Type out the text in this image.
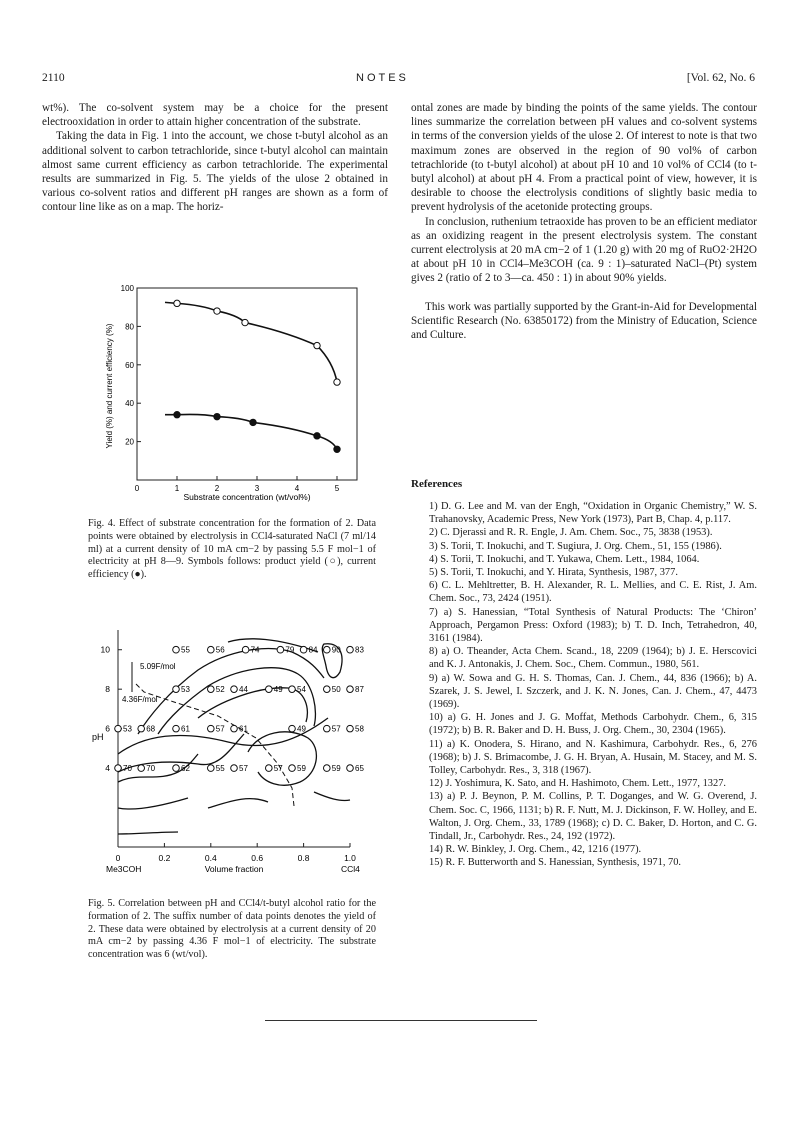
2110	NOTES	[Vol. 62, No. 6

wt%). The co-solvent system may be a choice for the present electrooxidation in order to attain higher concentration of the substrate.

Taking the data in Fig. 1 into the account, we chose t-butyl alcohol as an additional solvent to carbon tetrachloride, since t-butyl alcohol can maintain almost same current efficiency as carbon tetrachloride. The experimental results are summarized in Fig. 5. The yields of the ulose 2 obtained in various co-solvent ratios and different pH ranges are shown as a form of contour line like as on a map. The horiz-

ontal zones are made by binding the points of the same yields. The contour lines summarize the correlation between pH values and co-solvent systems in terms of the conversion yields of the ulose 2. Of interest to note is that two maximum zones are observed in the region of 90 vol% of carbon tetrachloride (to t-butyl alcohol) at about pH 10 and 10 vol% of CCl4 (to t-butyl alcohol) at about pH 4. From a practical point of view, however, it is desirable to choose the electrolysis conditions of slightly basic media to prevent hydrolysis of the acetonide protecting groups.

In conclusion, ruthenium tetraoxide has proven to be an efficient mediator as an oxidizing reagent in the present electrolysis system. The constant current electrolysis at 20 mA cm−2 of 1 (1.20 g) with 20 mg of RuO2·2H2O at about pH 10 in CCl4–Me3COH (ca. 9 : 1)–saturated NaCl–(Pt) system gives 2 (ratio of 2 to 3—ca. 450 : 1) in about 90% yields.

This work was partially supported by the Grant-in-Aid for Developmental Scientific Research (No. 63850172) from the Ministry of Education, Science and Culture.

20
40
60
80
100
0	1	2	3	4	5
Yield (%) and current efficiency (%)
Substrate concentration (wt/vol%)
Fig. 4. Effect of substrate concentration for the formation of 2. Data points were obtained by electrolysis in CCl4-saturated NaCl (7 ml/14 ml) at a current density of 10 mA cm−2 by passing 5.5 F mol−1 of electricity at pH 8—9. Symbols follows: product yield (○), current efficiency (●).
4
6
8
10
0	0.2	0.4	0.6	0.8	1.0
5.09F/mol
4.36F/mol
55	56	74	79 84 90 83
53	52 44	49 54	50 87
53 68	61	57 61	49	57 58
70 70	62	55 57	57 59	59 65
pH
Volume fraction
Me3COH	CCl4
Fig. 5. Correlation between pH and CCl4/t-butyl alcohol ratio for the formation of 2. The suffix number of data points denotes the yield of 2. These data were obtained by electrolysis at a current density of 20 mA cm−2 by passing 4.36 F mol−1 of electricity. The substrate concentration was 6 (wt/vol).
References

1) D. G. Lee and M. van der Engh, “Oxidation in Organic Chemistry,” W. S. Trahanovsky, Academic Press, New York (1973), Part B, Chap. 4, p.117.

2) C. Djerassi and R. R. Engle, J. Am. Chem. Soc., 75, 3838 (1953).

3) S. Torii, T. Inokuchi, and T. Sugiura, J. Org. Chem., 51, 155 (1986).

4) S. Torii, T. Inokuchi, and T. Yukawa, Chem. Lett., 1984, 1064.

5) S. Torii, T. Inokuchi, and Y. Hirata, Synthesis, 1987, 377.

6) C. L. Mehltretter, B. H. Alexander, R. L. Mellies, and C. E. Rist, J. Am. Chem. Soc., 73, 2424 (1951).

7) a) S. Hanessian, “Total Synthesis of Natural Products: The ‘Chiron’ Approach, Pergamon Press: Oxford (1983); b) T. D. Inch, Tetrahedron, 40, 3161 (1984).

8) a) O. Theander, Acta Chem. Scand., 18, 2209 (1964); b) J. E. Herscovici and K. J. Antonakis, J. Chem. Soc., Chem. Commun., 1980, 561.

9) a) W. Sowa and G. H. S. Thomas, Can. J. Chem., 44, 836 (1966); b) A. Szarek, J. S. Jewel, I. Szczerk, and J. K. N. Jones, Can. J. Chem., 47, 4473 (1969).

10) a) G. H. Jones and J. G. Moffat, Methods Carbohydr. Chem., 6, 315 (1972); b) B. R. Baker and D. H. Buss, J. Org. Chem., 30, 2304 (1965).

11) a) K. Onodera, S. Hirano, and N. Kashimura, Carbohydr. Res., 6, 276 (1968); b) J. S. Brimacombe, J. G. H. Bryan, A. Husain, M. Stacey, and M. S. Tolley, Carbohydr. Res., 3, 318 (1967).

12) J. Yoshimura, K. Sato, and H. Hashimoto, Chem. Lett., 1977, 1327.

13) a) P. J. Beynon, P. M. Collins, P. T. Doganges, and W. G. Overend, J. Chem. Soc. C, 1966, 1131; b) R. F. Nutt, M. J. Dickinson, F. W. Holley, and E. Walton, J. Org. Chem., 33, 1789 (1968); c) D. C. Baker, D. Horton, and C. G. Tindall, Jr., Carbohydr. Res., 24, 192 (1972).

14) R. W. Binkley, J. Org. Chem., 42, 1216 (1977).

15) R. F. Butterworth and S. Hanessian, Synthesis, 1971, 70.
